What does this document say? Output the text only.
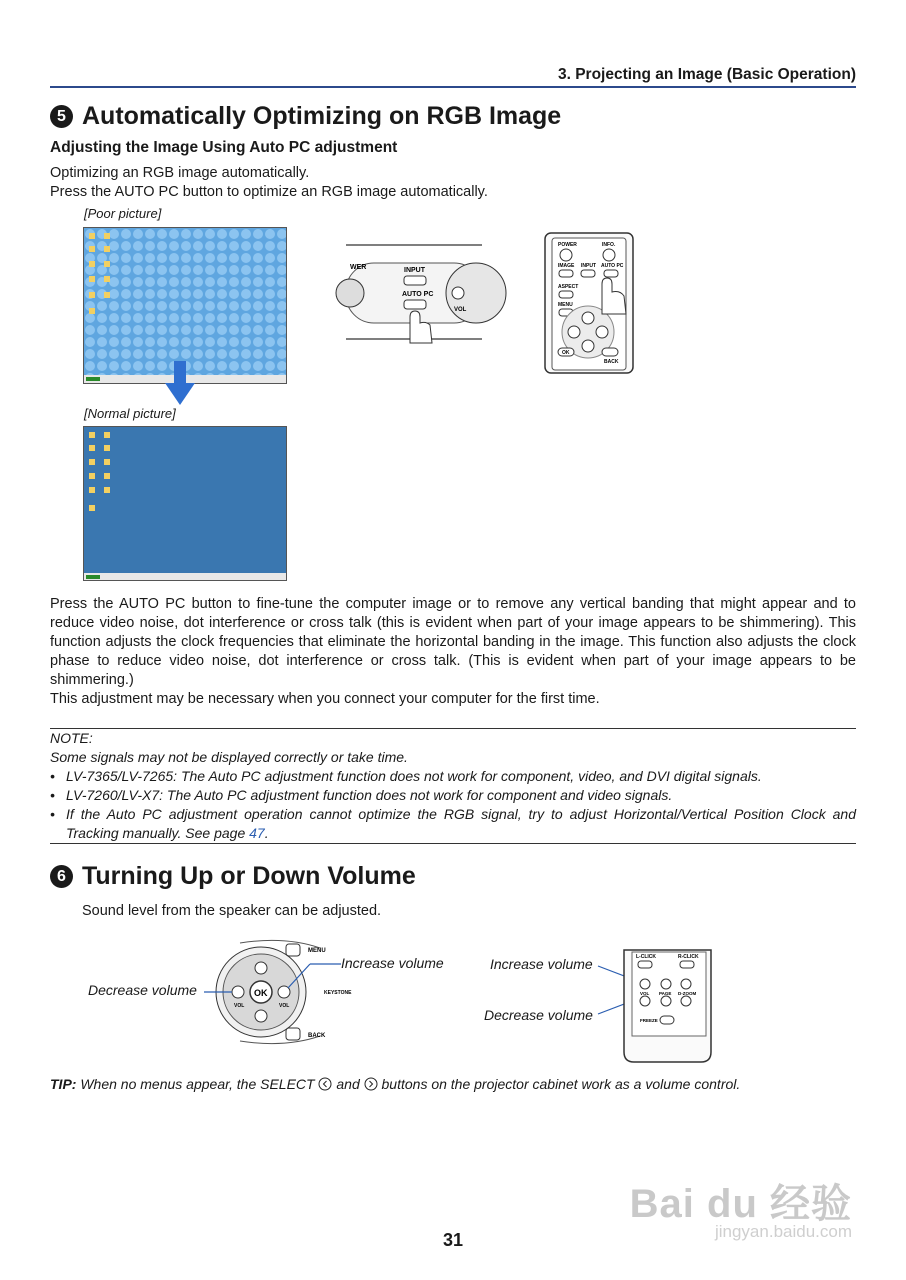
3. Projecting an Image (Basic Operation)
5 Automatically Optimizing on RGB Image
Adjusting the Image Using Auto PC adjustment
Optimizing an RGB image automatically.
Press the AUTO PC button to optimize an RGB image automatically.
[Poor picture]
[Normal picture]
WER	INPUT
AUTO PC
VOL
POWER	INFO.
IMAGE INPUT AUTO PC
ASPECT
MENU
OK
BACK
Press the AUTO PC button to fine-tune the computer image or to remove any vertical banding that might appear and to reduce video noise, dot interference or cross talk (this is evident when part of your image appears to be shimmering). This function adjusts the clock frequencies that eliminate the horizontal banding in the image. This function also adjusts the clock phase to reduce video noise, dot interference or cross talk. (This is evident when part of your image appears to be shimmering.)
This adjustment may be necessary when you connect your computer for the first time.
NOTE:
Some signals may not be displayed correctly or take time.
• LV-7365/LV-7265: The Auto PC adjustment function does not work for component, video, and DVI digital signals.
• LV-7260/LV-X7: The Auto PC adjustment function does not work for component and video signals.
• If the Auto PC adjustment operation cannot optimize the RGB signal, try to adjust Horizontal/Vertical Position Clock and Tracking manually. See page 47.
6 Turning Up or Down Volume
Sound level from the speaker can be adjusted.
Increase volume
Decrease volume	OK
VOL	VOL
MENU
KEYSTONE
BACK
Increase volume
Decrease volume
L-CLICK	R-CLICK
VOL PAGE D-ZOOM
FREEZE
TIP: When no menus appear, the SELECT  and  buttons on the projector cabinet work as a volume control.
Bai du 经验
jingyan.baidu.com
31
